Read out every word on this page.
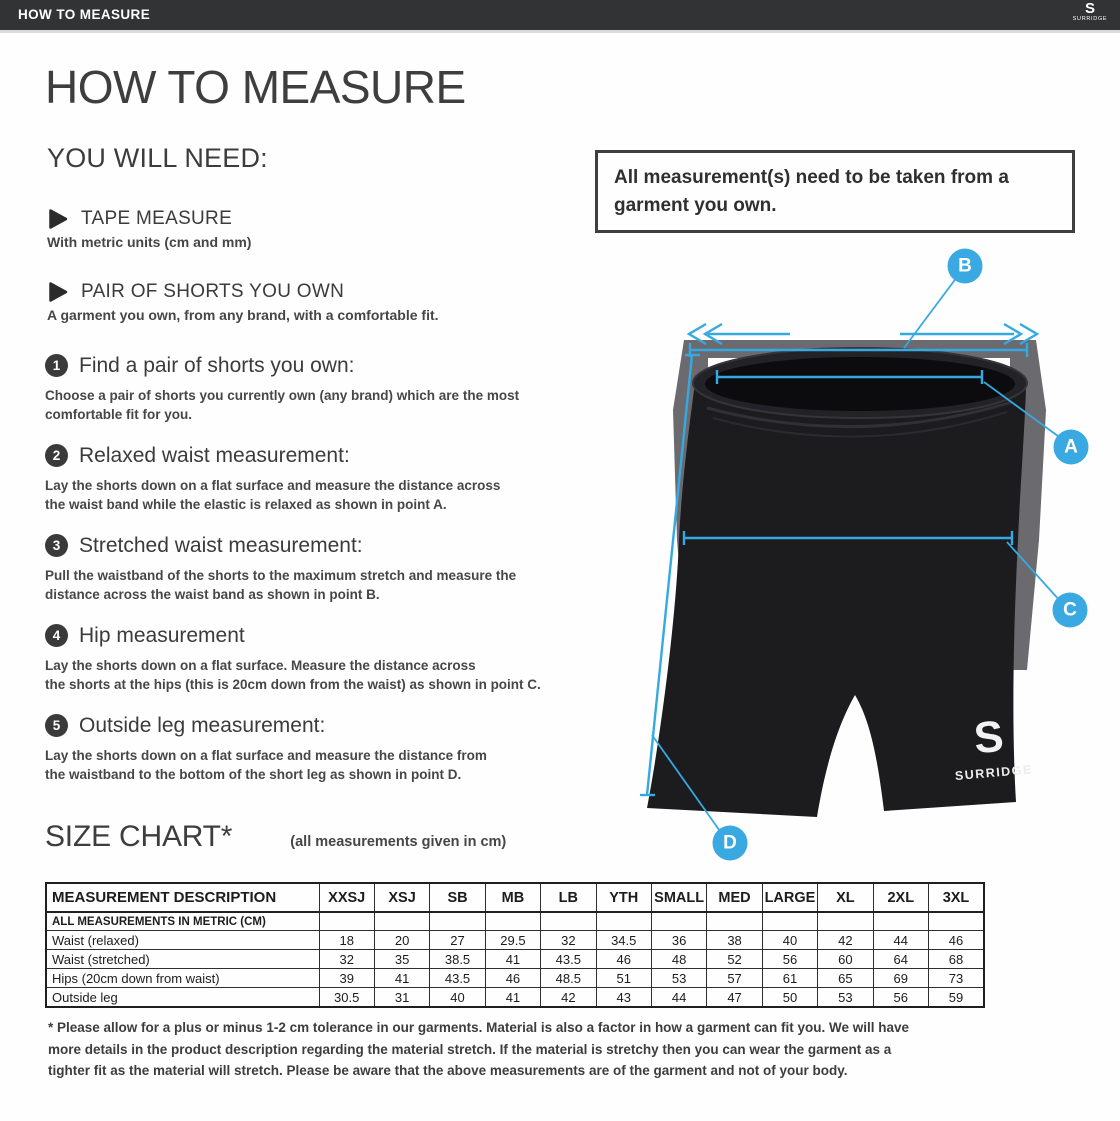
HOW TO MEASURE	S
SURRIDGE
HOW TO MEASURE
YOU WILL NEED:
TAPE MEASURE
With metric units (cm and mm)
PAIR OF SHORTS YOU OWN
A garment you own, from any brand, with a comfortable fit.
1 Find a pair of shorts you own:
Choose a pair of shorts you currently own (any brand) which are the most
comfortable fit for you.
2 Relaxed waist measurement:
Lay the shorts down on a flat surface and measure the distance across
the waist band while the elastic is relaxed as shown in point A.
3 Stretched waist measurement:
Pull the waistband of the shorts to the maximum stretch and measure the
distance across the waist band as shown in point B.
4 Hip measurement
Lay the shorts down on a flat surface. Measure the distance across
the shorts at the hips (this is 20cm down from the waist) as shown in point C.
5 Outside leg measurement:
Lay the shorts down on a flat surface and measure the distance from
the waistband to the bottom of the short leg as shown in point D.
All measurement(s) need to be taken from a
garment you own.
S
SURRIDGE
B
A
C
D
SIZE CHART*	(all measurements given in cm)
MEASUREMENT DESCRIPTION	XXSJ	XSJ	SB	MB	LB	YTH	SMALL	MED	LARGE	XL	2XL	3XL
ALL MEASUREMENTS IN METRIC (CM)												
Waist (relaxed)	18	20	27	29.5	32	34.5	36	38	40	42	44	46
Waist (stretched)	32	35	38.5	41	43.5	46	48	52	56	60	64	68
Hips (20cm down from waist)	39	41	43.5	46	48.5	51	53	57	61	65	69	73
Outside leg	30.5	31	40	41	42	43	44	47	50	53	56	59
* Please allow for a plus or minus 1-2 cm tolerance in our garments. Material is also a factor in how a garment can fit you. We will have
more details in the product description regarding the material stretch. If the material is stretchy then you can wear the garment as a
tighter fit as the material will stretch. Please be aware that the above measurements are of the garment and not of your body.
